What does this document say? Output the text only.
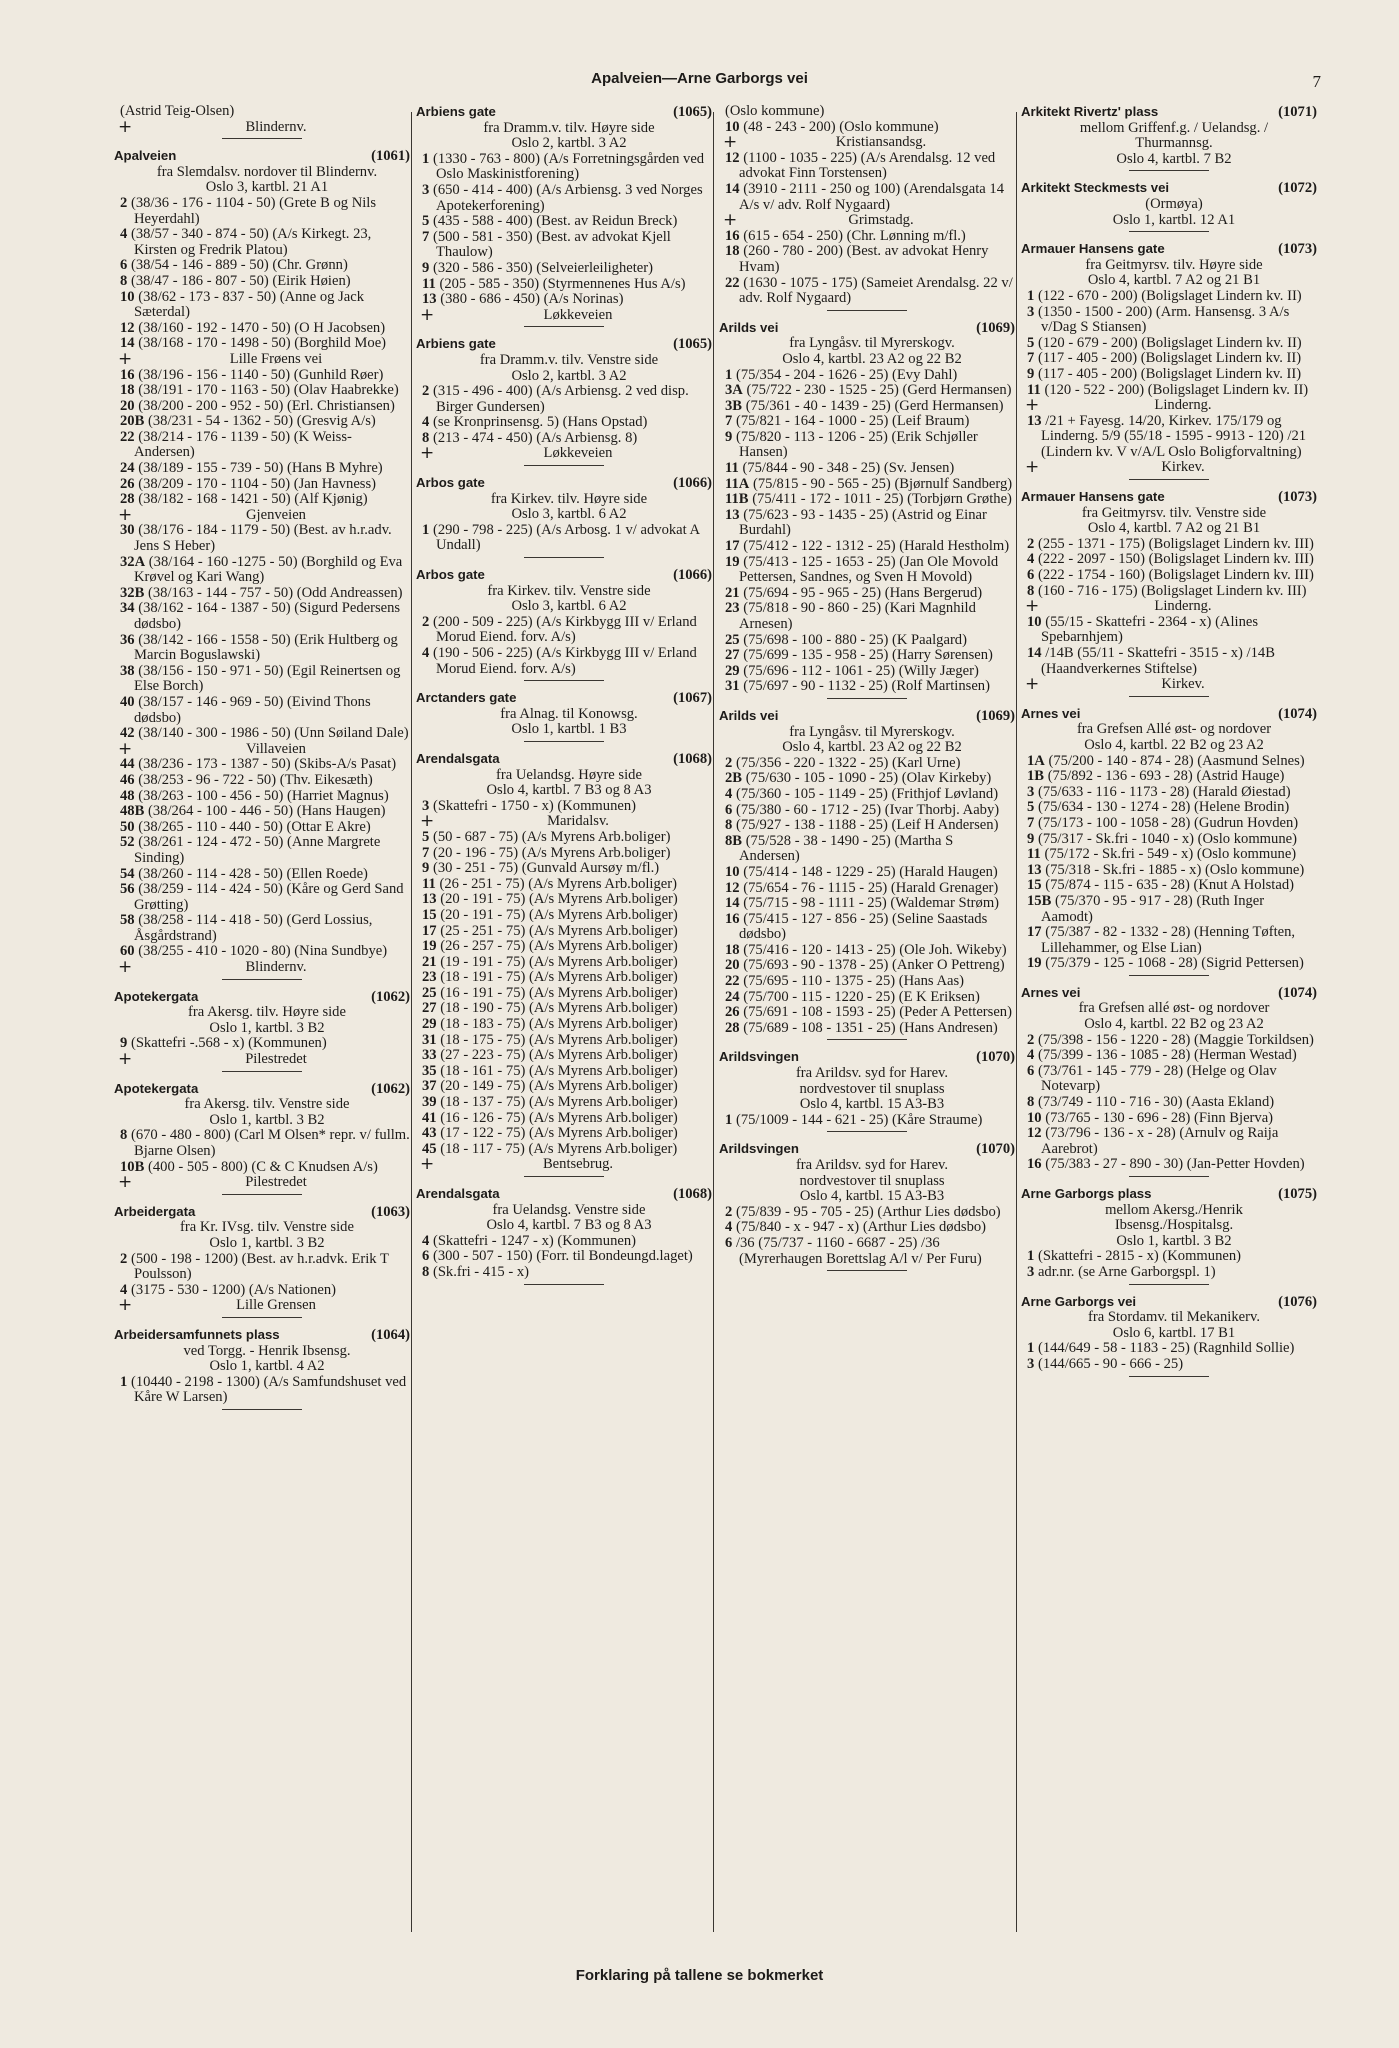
Apalveien—Arne Garborgs vei	7
(Astrid Teig-Olsen)
+	Blindernv.
Apalveien	(1061)
fra Slemdalsv. nordover til Blindernv.
Oslo 3, kartbl. 21 A1
2 (38/36 - 176 - 1104 - 50) (Grete B og Nils Heyerdahl)
4 (38/57 - 340 - 874 - 50) (A/s Kirkegt. 23, Kirsten og Fredrik Platou)
6 (38/54 - 146 - 889 - 50) (Chr. Grønn)
8 (38/47 - 186 - 807 - 50) (Eirik Høien)
10 (38/62 - 173 - 837 - 50) (Anne og Jack Sæterdal)
12 (38/160 - 192 - 1470 - 50) (O H Jacobsen)
14 (38/168 - 170 - 1498 - 50) (Borghild Moe)
+	Lille Frøens vei
16 (38/196 - 156 - 1140 - 50) (Gunhild Røer)
18 (38/191 - 170 - 1163 - 50) (Olav Haabrekke)
20 (38/200 - 200 - 952 - 50) (Erl. Christiansen)
20B (38/231 - 54 - 1362 - 50) (Gresvig A/s)
22 (38/214 - 176 - 1139 - 50) (K Weiss-Andersen)
24 (38/189 - 155 - 739 - 50) (Hans B Myhre)
26 (38/209 - 170 - 1104 - 50) (Jan Havness)
28 (38/182 - 168 - 1421 - 50) (Alf Kjønig)
+	Gjenveien
30 (38/176 - 184 - 1179 - 50) (Best. av h.r.adv. Jens S Heber)
32A (38/164 - 160 -1275 - 50) (Borghild og Eva Krøvel og Kari Wang)
32B (38/163 - 144 - 757 - 50) (Odd Andreassen)
34 (38/162 - 164 - 1387 - 50) (Sigurd Pedersens dødsbo)
36 (38/142 - 166 - 1558 - 50) (Erik Hultberg og Marcin Boguslawski)
38 (38/156 - 150 - 971 - 50) (Egil Reinertsen og Else Borch)
40 (38/157 - 146 - 969 - 50) (Eivind Thons dødsbo)
42 (38/140 - 300 - 1986 - 50) (Unn Søiland Dale)
+	Villaveien
44 (38/236 - 173 - 1387 - 50) (Skibs-A/s Pasat)
46 (38/253 - 96 - 722 - 50) (Thv. Eikesæth)
48 (38/263 - 100 - 456 - 50) (Harriet Magnus)
48B (38/264 - 100 - 446 - 50) (Hans Haugen)
50 (38/265 - 110 - 440 - 50) (Ottar E Akre)
52 (38/261 - 124 - 472 - 50) (Anne Margrete Sinding)
54 (38/260 - 114 - 428 - 50) (Ellen Roede)
56 (38/259 - 114 - 424 - 50) (Kåre og Gerd Sand Grøtting)
58 (38/258 - 114 - 418 - 50) (Gerd Lossius, Åsgårdstrand)
60 (38/255 - 410 - 1020 - 80) (Nina Sundbye)
+	Blindernv.
Apotekergata	(1062)
fra Akersg. tilv. Høyre side
Oslo 1, kartbl. 3 B2
9 (Skattefri -.568 - x) (Kommunen)
+	Pilestredet
Apotekergata	(1062)
fra Akersg. tilv. Venstre side
Oslo 1, kartbl. 3 B2
8 (670 - 480 - 800) (Carl M Olsen* repr. v/ fullm. Bjarne Olsen)
10B (400 - 505 - 800) (C & C Knudsen A/s)
+	Pilestredet
Arbeidergata	(1063)
fra Kr. IVsg. tilv. Venstre side
Oslo 1, kartbl. 3 B2
2 (500 - 198 - 1200) (Best. av h.r.advk. Erik T Poulsson)
4 (3175 - 530 - 1200) (A/s Nationen)
+	Lille Grensen
Arbeidersamfunnets plass	(1064)
ved Torgg. - Henrik Ibsensg.
Oslo 1, kartbl. 4 A2
1 (10440 - 2198 - 1300) (A/s Samfundshuset ved Kåre W Larsen)
Arbiens gate	(1065)
fra Dramm.v. tilv. Høyre side
Oslo 2, kartbl. 3 A2
1 (1330 - 763 - 800) (A/s Forretningsgården ved Oslo Maskinistforening)
3 (650 - 414 - 400) (A/s Arbiensg. 3 ved Norges Apotekerforening)
5 (435 - 588 - 400) (Best. av Reidun Breck)
7 (500 - 581 - 350) (Best. av advokat Kjell Thaulow)
9 (320 - 586 - 350) (Selveierleiligheter)
11 (205 - 585 - 350) (Styrmennenes Hus A/s)
13 (380 - 686 - 450) (A/s Norinas)
+	Løkkeveien
Arbiens gate	(1065)
fra Dramm.v. tilv. Venstre side
Oslo 2, kartbl. 3 A2
2 (315 - 496 - 400) (A/s Arbiensg. 2 ved disp. Birger Gundersen)
4 (se Kronprinsensg. 5) (Hans Opstad)
8 (213 - 474 - 450) (A/s Arbiensg. 8)
+	Løkkeveien
Arbos gate	(1066)
fra Kirkev. tilv. Høyre side
Oslo 3, kartbl. 6 A2
1 (290 - 798 - 225) (A/s Arbosg. 1 v/ advokat A Undall)
Arbos gate	(1066)
fra Kirkev. tilv. Venstre side
Oslo 3, kartbl. 6 A2
2 (200 - 509 - 225) (A/s Kirkbygg III v/ Erland Morud Eiend. forv. A/s)
4 (190 - 506 - 225) (A/s Kirkbygg III v/ Erland Morud Eiend. forv. A/s)
Arctanders gate	(1067)
fra Alnag. til Konowsg.
Oslo 1, kartbl. 1 B3
Arendalsgata	(1068)
fra Uelandsg. Høyre side
Oslo 4, kartbl. 7 B3 og 8 A3
3 (Skattefri - 1750 - x) (Kommunen)
+	Maridalsv.
5 (50 - 687 - 75) (A/s Myrens Arb.boliger)
7 (20 - 196 - 75) (A/s Myrens Arb.boliger)
9 (30 - 251 - 75) (Gunvald Aursøy m/fl.)
11 (26 - 251 - 75) (A/s Myrens Arb.boliger)
13 (20 - 191 - 75) (A/s Myrens Arb.boliger)
15 (20 - 191 - 75) (A/s Myrens Arb.boliger)
17 (25 - 251 - 75) (A/s Myrens Arb.boliger)
19 (26 - 257 - 75) (A/s Myrens Arb.boliger)
21 (19 - 191 - 75) (A/s Myrens Arb.boliger)
23 (18 - 191 - 75) (A/s Myrens Arb.boliger)
25 (16 - 191 - 75) (A/s Myrens Arb.boliger)
27 (18 - 190 - 75) (A/s Myrens Arb.boliger)
29 (18 - 183 - 75) (A/s Myrens Arb.boliger)
31 (18 - 175 - 75) (A/s Myrens Arb.boliger)
33 (27 - 223 - 75) (A/s Myrens Arb.boliger)
35 (18 - 161 - 75) (A/s Myrens Arb.boliger)
37 (20 - 149 - 75) (A/s Myrens Arb.boliger)
39 (18 - 137 - 75) (A/s Myrens Arb.boliger)
41 (16 - 126 - 75) (A/s Myrens Arb.boliger)
43 (17 - 122 - 75) (A/s Myrens Arb.boliger)
45 (18 - 117 - 75) (A/s Myrens Arb.boliger)
+	Bentsebrug.
Arendalsgata	(1068)
fra Uelandsg. Venstre side
Oslo 4, kartbl. 7 B3 og 8 A3
4 (Skattefri - 1247 - x) (Kommunen)
6 (300 - 507 - 150) (Forr. til Bondeungd.laget)
8 (Sk.fri - 415 - x)
(Oslo kommune)
10 (48 - 243 - 200) (Oslo kommune)
+	Kristiansandsg.
12 (1100 - 1035 - 225) (A/s Arendalsg. 12 ved advokat Finn Torstensen)
14 (3910 - 2111 - 250 og 100) (Arendalsgata 14 A/s v/ adv. Rolf Nygaard)
+	Grimstadg.
16 (615 - 654 - 250) (Chr. Lønning m/fl.)
18 (260 - 780 - 200) (Best. av advokat Henry Hvam)
22 (1630 - 1075 - 175) (Sameiet Arendalsg. 22 v/ adv. Rolf Nygaard)
Arilds vei	(1069)
fra Lyngåsv. til Myrerskogv.
Oslo 4, kartbl. 23 A2 og 22 B2
1 (75/354 - 204 - 1626 - 25) (Evy Dahl)
3A (75/722 - 230 - 1525 - 25) (Gerd Hermansen)
3B (75/361 - 40 - 1439 - 25) (Gerd Hermansen)
7 (75/821 - 164 - 1000 - 25) (Leif Braum)
9 (75/820 - 113 - 1206 - 25) (Erik Schjøller Hansen)
11 (75/844 - 90 - 348 - 25) (Sv. Jensen)
11A (75/815 - 90 - 565 - 25) (Bjørnulf Sandberg)
11B (75/411 - 172 - 1011 - 25) (Torbjørn Grøthe)
13 (75/623 - 93 - 1435 - 25) (Astrid og Einar Burdahl)
17 (75/412 - 122 - 1312 - 25) (Harald Hestholm)
19 (75/413 - 125 - 1653 - 25) (Jan Ole Movold Pettersen, Sandnes, og Sven H Movold)
21 (75/694 - 95 - 965 - 25) (Hans Bergerud)
23 (75/818 - 90 - 860 - 25) (Kari Magnhild Arnesen)
25 (75/698 - 100 - 880 - 25) (K Paalgard)
27 (75/699 - 135 - 958 - 25) (Harry Sørensen)
29 (75/696 - 112 - 1061 - 25) (Willy Jæger)
31 (75/697 - 90 - 1132 - 25) (Rolf Martinsen)
Arilds vei	(1069)
fra Lyngåsv. til Myrerskogv.
Oslo 4, kartbl. 23 A2 og 22 B2
2 (75/356 - 220 - 1322 - 25) (Karl Urne)
2B (75/630 - 105 - 1090 - 25) (Olav Kirkeby)
4 (75/360 - 105 - 1149 - 25) (Frithjof Løvland)
6 (75/380 - 60 - 1712 - 25) (Ivar Thorbj. Aaby)
8 (75/927 - 138 - 1188 - 25) (Leif H Andersen)
8B (75/528 - 38 - 1490 - 25) (Martha S Andersen)
10 (75/414 - 148 - 1229 - 25) (Harald Haugen)
12 (75/654 - 76 - 1115 - 25) (Harald Grenager)
14 (75/715 - 98 - 1111 - 25) (Waldemar Strøm)
16 (75/415 - 127 - 856 - 25) (Seline Saastads dødsbo)
18 (75/416 - 120 - 1413 - 25) (Ole Joh. Wikeby)
20 (75/693 - 90 - 1378 - 25) (Anker O Pettreng)
22 (75/695 - 110 - 1375 - 25) (Hans Aas)
24 (75/700 - 115 - 1220 - 25) (E K Eriksen)
26 (75/691 - 108 - 1593 - 25) (Peder A Pettersen)
28 (75/689 - 108 - 1351 - 25) (Hans Andresen)
Arildsvingen	(1070)
fra Arildsv. syd for Harev.
nordvestover til snuplass
Oslo 4, kartbl. 15 A3-B3
1 (75/1009 - 144 - 621 - 25) (Kåre Straume)
Arildsvingen	(1070)
fra Arildsv. syd for Harev.
nordvestover til snuplass
Oslo 4, kartbl. 15 A3-B3
2 (75/839 - 95 - 705 - 25) (Arthur Lies dødsbo)
4 (75/840 - x - 947 - x) (Arthur Lies dødsbo)
6 /36 (75/737 - 1160 - 6687 - 25) /36 (Myrerhaugen Borettslag A/l v/ Per Furu)
Arkitekt Rivertz' plass	(1071)
mellom Griffenf.g. / Uelandsg. /
Thurmannsg.
Oslo 4, kartbl. 7 B2
Arkitekt Steckmests vei	(1072)
(Ormøya)
Oslo 1, kartbl. 12 A1
Armauer Hansens gate	(1073)
fra Geitmyrsv. tilv. Høyre side
Oslo 4, kartbl. 7 A2 og 21 B1
1 (122 - 670 - 200) (Boligslaget Lindern kv. II)
3 (1350 - 1500 - 200) (Arm. Hansensg. 3 A/s v/Dag S Stiansen)
5 (120 - 679 - 200) (Boligslaget Lindern kv. II)
7 (117 - 405 - 200) (Boligslaget Lindern kv. II)
9 (117 - 405 - 200) (Boligslaget Lindern kv. II)
11 (120 - 522 - 200) (Boligslaget Lindern kv. II)
+	Linderng.
13 /21 + Fayesg. 14/20, Kirkev. 175/179 og Linderng. 5/9 (55/18 - 1595 - 9913 - 120) /21 (Lindern kv. V v/A/L Oslo Boligforvaltning)
+	Kirkev.
Armauer Hansens gate	(1073)
fra Geitmyrsv. tilv. Venstre side
Oslo 4, kartbl. 7 A2 og 21 B1
2 (255 - 1371 - 175) (Boligslaget Lindern kv. III)
4 (222 - 2097 - 150) (Boligslaget Lindern kv. III)
6 (222 - 1754 - 160) (Boligslaget Lindern kv. III)
8 (160 - 716 - 175) (Boligslaget Lindern kv. III)
+	Linderng.
10 (55/15 - Skattefri - 2364 - x) (Alines Spebarnhjem)
14 /14B (55/11 - Skattefri - 3515 - x) /14B (Haandverkernes Stiftelse)
+	Kirkev.
Arnes vei	(1074)
fra Grefsen Allé øst- og nordover
Oslo 4, kartbl. 22 B2 og 23 A2
1A (75/200 - 140 - 874 - 28) (Aasmund Selnes)
1B (75/892 - 136 - 693 - 28) (Astrid Hauge)
3 (75/633 - 116 - 1173 - 28) (Harald Øiestad)
5 (75/634 - 130 - 1274 - 28) (Helene Brodin)
7 (75/173 - 100 - 1058 - 28) (Gudrun Hovden)
9 (75/317 - Sk.fri - 1040 - x) (Oslo kommune)
11 (75/172 - Sk.fri - 549 - x) (Oslo kommune)
13 (75/318 - Sk.fri - 1885 - x) (Oslo kommune)
15 (75/874 - 115 - 635 - 28) (Knut A Holstad)
15B (75/370 - 95 - 917 - 28) (Ruth Inger Aamodt)
17 (75/387 - 82 - 1332 - 28) (Henning Tøften, Lillehammer, og Else Lian)
19 (75/379 - 125 - 1068 - 28) (Sigrid Pettersen)
Arnes vei	(1074)
fra Grefsen allé øst- og nordover
Oslo 4, kartbl. 22 B2 og 23 A2
2 (75/398 - 156 - 1220 - 28) (Maggie Torkildsen)
4 (75/399 - 136 - 1085 - 28) (Herman Westad)
6 (73/761 - 145 - 779 - 28) (Helge og Olav Notevarp)
8 (73/749 - 110 - 716 - 30) (Aasta Ekland)
10 (73/765 - 130 - 696 - 28) (Finn Bjerva)
12 (73/796 - 136 - x - 28) (Arnulv og Raija Aarebrot)
16 (75/383 - 27 - 890 - 30) (Jan-Petter Hovden)
Arne Garborgs plass	(1075)
mellom Akersg./Henrik
Ibsensg./Hospitalsg.
Oslo 1, kartbl. 3 B2
1 (Skattefri - 2815 - x) (Kommunen)
3 adr.nr. (se Arne Garborgspl. 1)
Arne Garborgs vei	(1076)
fra Stordamv. til Mekanikerv.
Oslo 6, kartbl. 17 B1
1 (144/649 - 58 - 1183 - 25) (Ragnhild Sollie)
3 (144/665 - 90 - 666 - 25)
Forklaring på tallene se bokmerket
